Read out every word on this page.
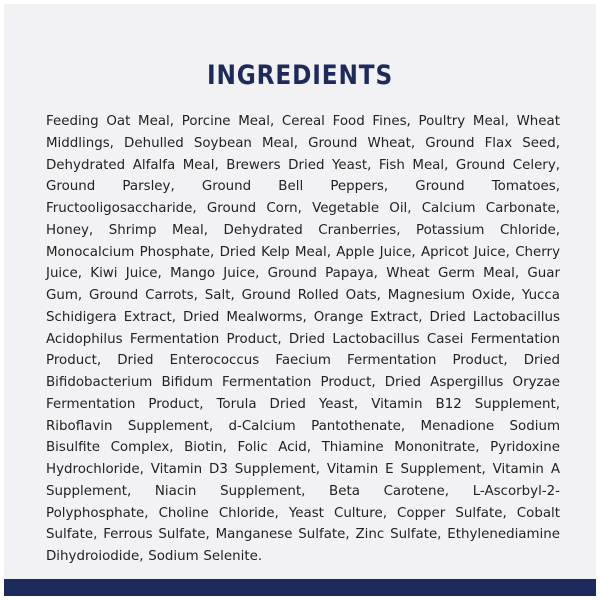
INGREDIENTS
Feeding Oat Meal, Porcine Meal, Cereal Food Fines, Poultry Meal, Wheat Middlings, Dehulled Soybean Meal, Ground Wheat, Ground Flax Seed, Dehydrated Alfalfa Meal, Brewers Dried Yeast, Fish Meal, Ground Celery, Ground Parsley, Ground Bell Peppers, Ground Tomatoes, Fructooligosaccharide, Ground Corn, Vegetable Oil, Calcium Carbonate, Honey, Shrimp Meal, Dehydrated Cranberries, Potassium Chloride, Monocalcium Phosphate, Dried Kelp Meal, Apple Juice, Apricot Juice, Cherry Juice, Kiwi Juice, Mango Juice, Ground Papaya, Wheat Germ Meal, Guar Gum, Ground Carrots, Salt, Ground Rolled Oats, Magnesium Oxide, Yucca Schidigera Extract, Dried Mealworms, Orange Extract, Dried Lactobacillus Acidophilus Fermentation Product, Dried Lactobacillus Casei Fermentation Product, Dried Enterococcus Faecium Fermentation Product, Dried Bifidobacterium Bifidum Fermentation Product, Dried Aspergillus Oryzae Fermentation Product, Torula Dried Yeast, Vitamin B12 Supplement, Riboflavin Supplement, d-Calcium Pantothenate, Menadione Sodium Bisulfite Complex, Biotin, Folic Acid, Thiamine Mononitrate, Pyridoxine Hydrochloride, Vitamin D3 Supplement, Vitamin E Supplement, Vitamin A Supplement, Niacin Supplement, Beta Carotene, L-Ascorbyl-2-Polyphosphate, Choline Chloride, Yeast Culture, Copper Sulfate, Cobalt Sulfate, Ferrous Sulfate, Manganese Sulfate, Zinc Sulfate, Ethylenediamine Dihydroiodide, Sodium Selenite.
